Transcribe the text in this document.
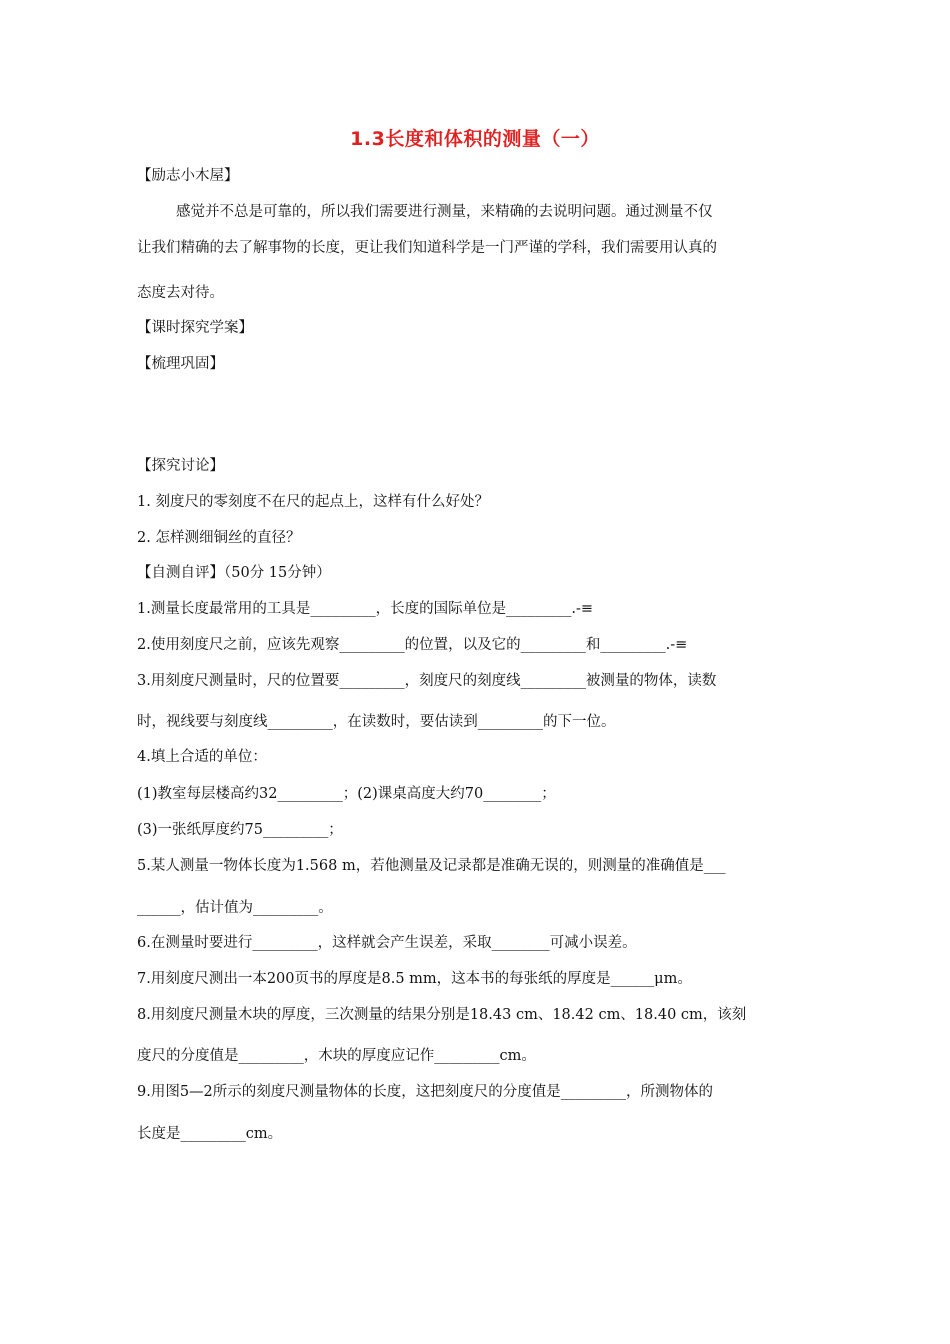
1.3长度和体积的测量（一）
【励志小木屋】
感觉并不总是可靠的，所以我们需要进行测量，来精确的去说明问题。通过测量不仅
让我们精确的去了解事物的长度，更让我们知道科学是一门严谨的学科，我们需要用认真的
态度去对待。
【课时探究学案】
【梳理巩固】
【探究讨论】
1. 刻度尺的零刻度不在尺的起点上，这样有什么好处？
2. 怎样测细铜丝的直径？
【自测自评】（50分 15分钟）
1.测量长度最常用的工具是_________，长度的国际单位是_________.-≡
2.使用刻度尺之前，应该先观察_________的位置，以及它的_________和_________.-≡
3.用刻度尺测量时，尺的位置要_________，刻度尺的刻度线_________被测量的物体，读数
时，视线要与刻度线_________，在读数时，要估读到_________的下一位。
4.填上合适的单位：
(1)教室每层楼高约32_________；(2)课桌高度大约70________；
(3)一张纸厚度约75_________；
5.某人测量一物体长度为1.568 m，若他测量及记录都是准确无误的，则测量的准确值是___
______，估计值为_________。
6.在测量时要进行_________，这样就会产生误差，采取________可减小误差。
7.用刻度尺测出一本200页书的厚度是8.5 mm，这本书的每张纸的厚度是______μm。
8.用刻度尺测量木块的厚度，三次测量的结果分别是18.43 cm、18.42 cm、18.40 cm，该刻
度尺的分度值是_________，木块的厚度应记作_________cm。
9.用图5—2所示的刻度尺测量物体的长度，这把刻度尺的分度值是_________，所测物体的
长度是_________cm。
